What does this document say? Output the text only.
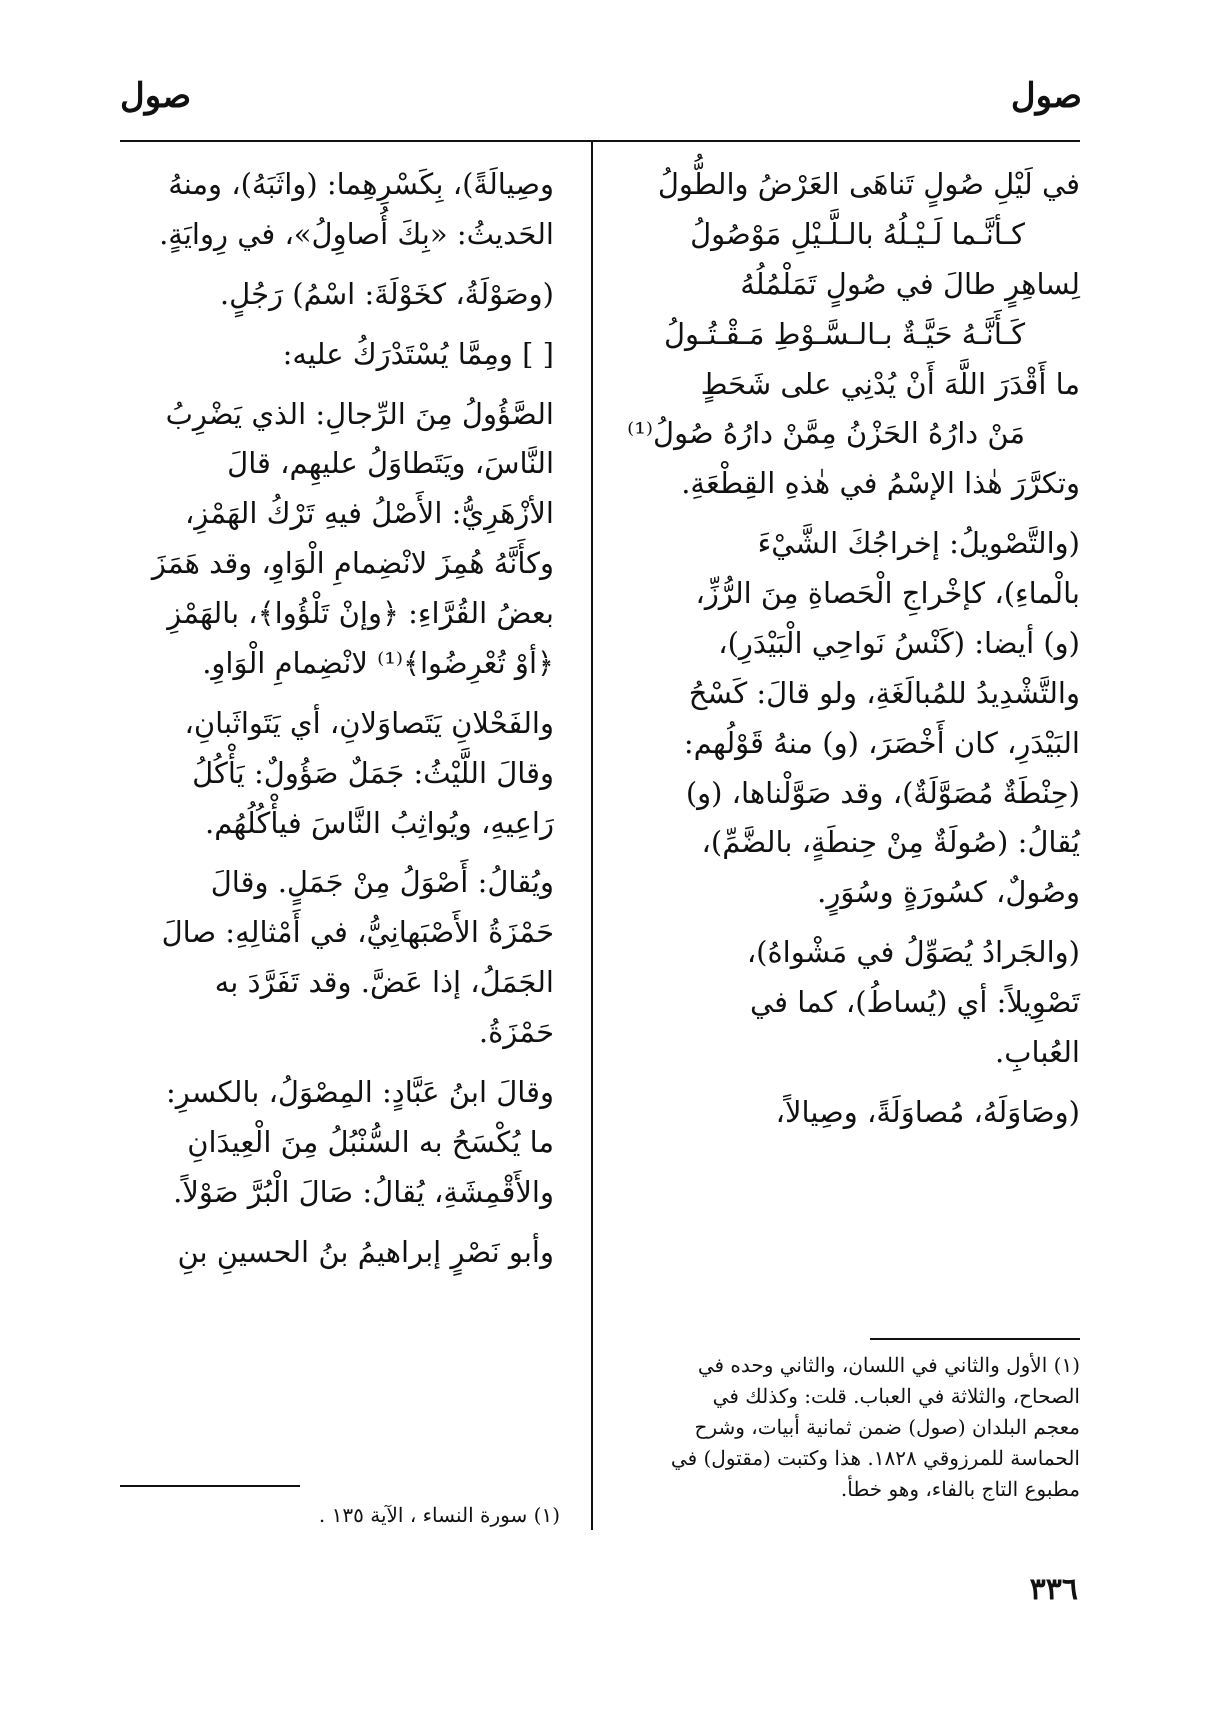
صول
صول
في لَيْلِ صُولٍ تَناهَى العَرْضُ والطُّولُ
كـأنَّـما لَـيْـلُهُ بالـلَّـيْلِ مَوْصُولُ
لِساهِرٍ طالَ في صُولٍ تَمَلْمُلُهُ
كَـأَنَّـهُ حَيَّـةٌ بـالـسَّـوْطِ مَـقْـتُـولُ
ما أَقْدَرَ اللَّهَ أَنْ يُدْنِي على شَحَطٍ
مَنْ دارُهُ الحَزْنُ مِمَّنْ دارُهُ صُولُ⁽¹⁾
وتكرَّرَ هٰذا الإسْمُ في هٰذهِ القِطْعَةِ.
(والتَّصْويلُ: إخراجُكَ الشَّيْءَ
بالْماءِ)، كإخْراجِ الْحَصاةِ مِنَ الرُّزِّ،
(و) أيضا: (كَنْسُ نَواحِي الْبَيْدَرِ)،
والتَّشْدِيدُ للمُبالَغَةِ، ولو قالَ: كَسْحُ
البَيْدَرِ، كان أَخْصَرَ، (و) منهُ قَوْلُهم:
(حِنْطَةٌ مُصَوَّلَةٌ)، وقد صَوَّلْناها، (و)
يُقالُ: (صُولَةٌ مِنْ حِنطَةٍ، بالضَّمِّ)،
وصُولٌ، كسُورَةٍ وسُوَرٍ.
(والجَرادُ يُصَوِّلُ في مَشْواهُ)،
تَصْوِيلاً: أي (يُساطُ)، كما في
العُبابِ.
(وصَاوَلَهُ، مُصاوَلَةً، وصِيالاً،
وصِيالَةً)، بِكَسْرِهِما: (واثَبَهُ)، ومنهُ
الحَديثُ: «بِكَ أُصاوِلُ»، في رِوايَةٍ.
(وصَوْلَةُ، كخَوْلَةَ: اسْمُ) رَجُلٍ.
[ ] ومِمَّا يُسْتَدْرَكُ عليه:
الصَّؤُولُ مِنَ الرِّجالِ: الذي يَضْرِبُ
النَّاسَ، ويَتَطاوَلُ عليهِم، قالَ
الأزْهَرِيُّ: الأَصْلُ فيهِ تَرْكُ الهَمْزِ،
وكأَنَّهُ هُمِزَ لانْضِمامِ الْوَاوِ، وقد هَمَزَ
بعضُ القُرَّاءِ: ﴿وإنْ تَلْؤُوا﴾، بالهَمْزِ
﴿أوْ تُعْرِضُوا﴾⁽¹⁾ لانْضِمامِ الْوَاوِ.
والفَحْلانِ يَتَصاوَلانِ، أي يَتَواثَبانِ،
وقالَ اللَّيْثُ: جَمَلٌ صَؤُولٌ: يَأْكُلُ
رَاعِيهِ، ويُواثِبُ النَّاسَ فيأْكُلُهُم.
ويُقالُ: أَصْوَلُ مِنْ جَمَلٍ. وقالَ
حَمْزَةُ الأَصْبَهانِيُّ، في أَمْثالِهِ: صالَ
الجَمَلُ، إذا عَضَّ. وقد تَفَرَّدَ به
حَمْزَةُ.
وقالَ ابنُ عَبَّادٍ: المِصْوَلُ، بالكسرِ:
ما يُكْسَحُ به السُّنْبُلُ مِنَ الْعِيدَانِ
والأَقْمِشَةِ، يُقالُ: صَالَ الْبُرَّ صَوْلاً.
وأبو نَصْرٍ إبراهيمُ بنُ الحسينِ بنِ
(١) الأول والثاني في اللسان، والثاني وحده في الصحاح، والثلاثة في العباب. قلت: وكذلك في معجم البلدان (صول) ضمن ثمانية أبيات، وشرح الحماسة للمرزوقي ١٨٢٨. هذا وكتبت (مقتول) في مطبوع التاج بالفاء، وهو خطأ.
(١) سورة النساء ، الآية ١٣٥ .
٣٣٦
